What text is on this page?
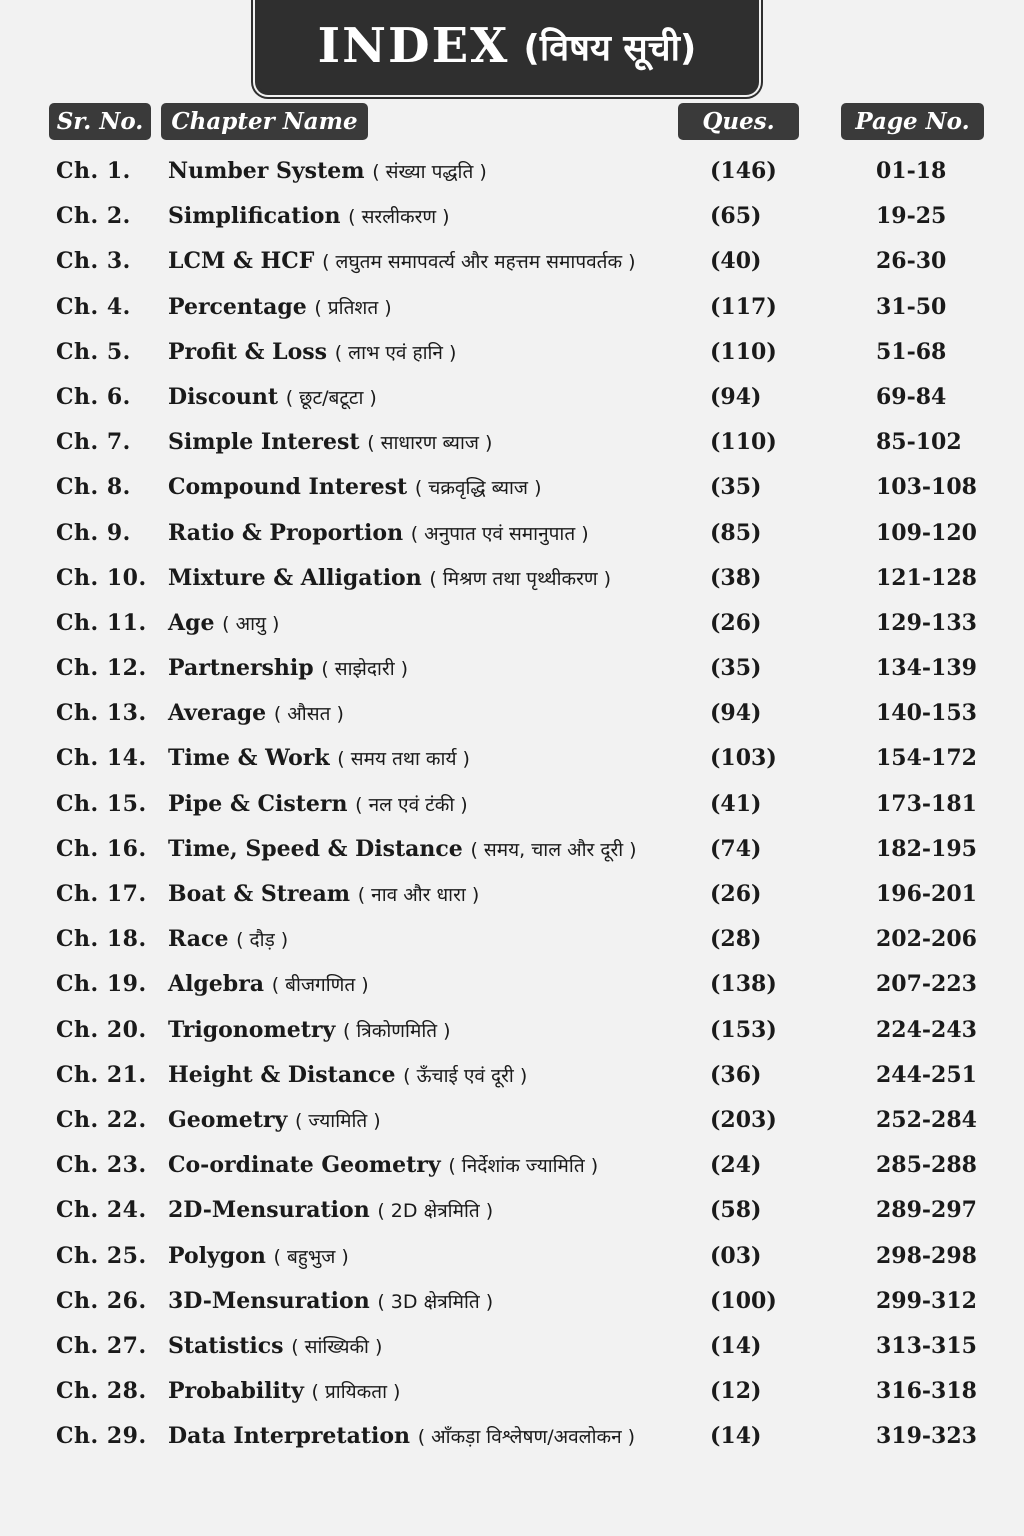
INDEX (विषय सूची)
Sr. No.	Chapter Name	Ques.	Page No.
Ch. 1. Number System ( संख्या पद्धति )	(146)	01-18
Ch. 2. Simplification ( सरलीकरण )	(65)	19-25
Ch. 3. LCM & HCF ( लघुतम समापवर्त्य और महत्तम समापवर्तक )	(40)	26-30
Ch. 4. Percentage ( प्रतिशत )	(117)	31-50
Ch. 5. Profit & Loss ( लाभ एवं हानि )	(110)	51-68
Ch. 6. Discount ( छूट/बटूटा )	(94)	69-84
Ch. 7. Simple Interest ( साधारण ब्याज )	(110)	85-102
Ch. 8. Compound Interest ( चक्रवृद्धि ब्याज )	(35)	103-108
Ch. 9. Ratio & Proportion ( अनुपात एवं समानुपात )	(85)	109-120
Ch. 10. Mixture & Alligation ( मिश्रण तथा पृथ्थीकरण )	(38)	121-128
Ch. 11. Age ( आयु )	(26)	129-133
Ch. 12. Partnership ( साझेदारी )	(35)	134-139
Ch. 13. Average ( औसत )	(94)	140-153
Ch. 14. Time & Work ( समय तथा कार्य )	(103)	154-172
Ch. 15. Pipe & Cistern ( नल एवं टंकी )	(41)	173-181
Ch. 16. Time, Speed & Distance ( समय, चाल और दूरी )	(74)	182-195
Ch. 17. Boat & Stream ( नाव और धारा )	(26)	196-201
Ch. 18. Race ( दौड़ )	(28)	202-206
Ch. 19. Algebra ( बीजगणित )	(138)	207-223
Ch. 20. Trigonometry ( त्रिकोणमिति )	(153)	224-243
Ch. 21. Height & Distance ( ऊँचाई एवं दूरी )	(36)	244-251
Ch. 22. Geometry ( ज्यामिति )	(203)	252-284
Ch. 23. Co-ordinate Geometry ( निर्देशांक ज्यामिति )	(24)	285-288
Ch. 24. 2D-Mensuration ( 2D क्षेत्रमिति )	(58)	289-297
Ch. 25. Polygon ( बहुभुज )	(03)	298-298
Ch. 26. 3D-Mensuration ( 3D क्षेत्रमिति )	(100)	299-312
Ch. 27. Statistics ( सांख्यिकी )	(14)	313-315
Ch. 28. Probability ( प्रायिकता )	(12)	316-318
Ch. 29. Data Interpretation ( आँकड़ा विश्लेषण/अवलोकन )	(14)	319-323
